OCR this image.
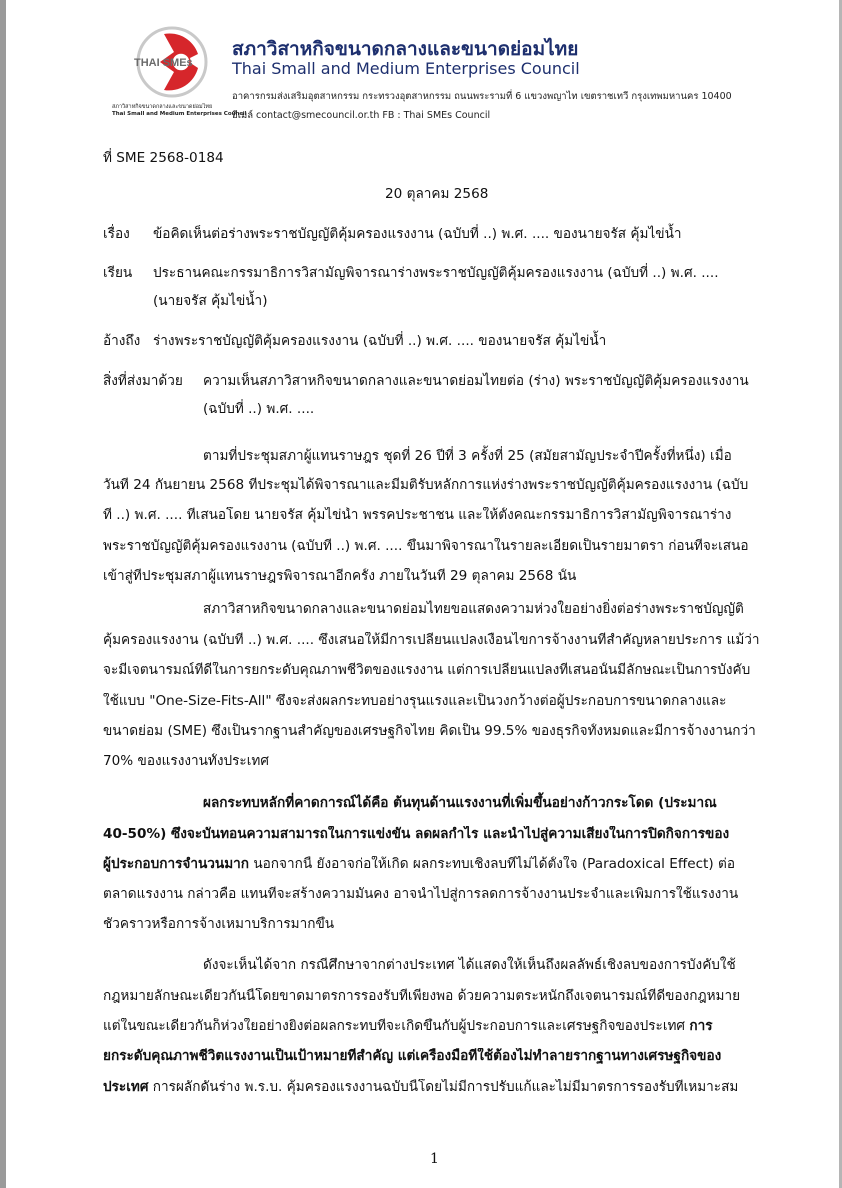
THAI SMEs
สภาวิสาหกิจขนาดกลางและขนาดย่อมไทย
Thai Small and Medium Enterprises Council
สภาวิสาหกิจขนาดกลางและขนาดย่อมไทย
Thai Small and Medium Enterprises Council
อาคารกรมส่งเสริมอุตสาหกรรม กระทรวงอุตสาหกรรม ถนนพระรามที่ 6 แขวงพญาไท เขตราชเทวี กรุงเทพมหานคร 10400
อีเมล์ contact@smecouncil.or.th FB : Thai SMEs Council
ที่ SME 2568-0184
20 ตุลาคม 2568
เรื่อง ข้อคิดเห็นต่อร่างพระราชบัญญัติคุ้มครองแรงงาน (ฉบับที่ ..) พ.ศ. .... ของนายจรัส คุ้มไข่น้ำ
เรียน ประธานคณะกรรมาธิการวิสามัญพิจารณาร่างพระราชบัญญัติคุ้มครองแรงงาน (ฉบับที่ ..) พ.ศ. ....
(นายจรัส คุ้มไข่น้ำ)
อ้างถึง ร่างพระราชบัญญัติคุ้มครองแรงงาน (ฉบับที่ ..) พ.ศ. .... ของนายจรัส คุ้มไข่น้ำ
สิ่งที่ส่งมาด้วย ความเห็นสภาวิสาหกิจขนาดกลางและขนาดย่อมไทยต่อ (ร่าง) พระราชบัญญัติคุ้มครองแรงงาน
(ฉบับที่ ..) พ.ศ. ....
ตามที่ประชุมสภาผู้แทนราษฎร ชุดที่ 26 ปีที่ 3 ครั้งที่ 25 (สมัยสามัญประจำปีครั้งที่หนึ่ง) เมื่อ
วันที่ 24 กันยายน 2568 ที่ประชุมได้พิจารณาและมีมติรับหลักการแห่งร่างพระราชบัญญัติคุ้มครองแรงงาน (ฉบับ
ที่ ..) พ.ศ. .... ที่เสนอโดย นายจรัส คุ้มไข่น้ำ พรรคประชาชน และให้ตั้งคณะกรรมาธิการวิสามัญพิจารณาร่าง
พระราชบัญญัติคุ้มครองแรงงาน (ฉบับที่ ..) พ.ศ. .... ขึ้นมาพิจารณาในรายละเอียดเป็นรายมาตรา ก่อนที่จะเสนอ
เข้าสู่ที่ประชุมสภาผู้แทนราษฎรพิจารณาอีกครั้ง ภายในวันที่ 29 ตุลาคม 2568 นั้น
สภาวิสาหกิจขนาดกลางและขนาดย่อมไทยขอแสดงความห่วงใยอย่างยิ่งต่อร่างพระราชบัญญัติ
คุ้มครองแรงงาน (ฉบับที่ ..) พ.ศ. .... ซึ่งเสนอให้มีการเปลี่ยนแปลงเงื่อนไขการจ้างงานที่สำคัญหลายประการ แม้ว่า
จะมีเจตนารมณ์ที่ดีในการยกระดับคุณภาพชีวิตของแรงงาน แต่การเปลี่ยนแปลงที่เสนอนั้นมีลักษณะเป็นการบังคับ
ใช้แบบ "One-Size-Fits-All" ซึ่งจะส่งผลกระทบอย่างรุนแรงและเป็นวงกว้างต่อผู้ประกอบการขนาดกลางและ
ขนาดย่อม (SME) ซึ่งเป็นรากฐานสำคัญของเศรษฐกิจไทย คิดเป็น 99.5% ของธุรกิจทั้งหมดและมีการจ้างงานกว่า
70% ของแรงงานทั้งประเทศ
ผลกระทบหลักที่คาดการณ์ได้คือ ต้นทุนด้านแรงงานที่เพิ่มขึ้นอย่างก้าวกระโดด (ประมาณ
40-50%) ซึ่งจะบั่นทอนความสามารถในการแข่งขัน ลดผลกำไร และนำไปสู่ความเสี่ยงในการปิดกิจการของ
ผู้ประกอบการจำนวนมาก นอกจากนี้ ยังอาจก่อให้เกิด ผลกระทบเชิงลบที่ไม่ได้ตั้งใจ (Paradoxical Effect) ต่อ
ตลาดแรงงาน กล่าวคือ แทนที่จะสร้างความมั่นคง อาจนำไปสู่การลดการจ้างงานประจำและเพิ่มการใช้แรงงาน
ชั่วคราวหรือการจ้างเหมาบริการมากขึ้น
ดังจะเห็นได้จาก กรณีศึกษาจากต่างประเทศ ได้แสดงให้เห็นถึงผลลัพธ์เชิงลบของการบังคับใช้
กฎหมายลักษณะเดียวกันนี้โดยขาดมาตรการรองรับที่เพียงพอ ด้วยความตระหนักถึงเจตนารมณ์ที่ดีของกฎหมาย
แต่ในขณะเดียวกันก็ห่วงใยอย่างยิ่งต่อผลกระทบที่จะเกิดขึ้นกับผู้ประกอบการและเศรษฐกิจของประเทศ การ
ยกระดับคุณภาพชีวิตแรงงานเป็นเป้าหมายที่สำคัญ แต่เครื่องมือที่ใช้ต้องไม่ทำลายรากฐานทางเศรษฐกิจของ
ประเทศ การผลักดันร่าง พ.ร.บ. คุ้มครองแรงงานฉบับนี้โดยไม่มีการปรับแก้และไม่มีมาตรการรองรับที่เหมาะสม
1
